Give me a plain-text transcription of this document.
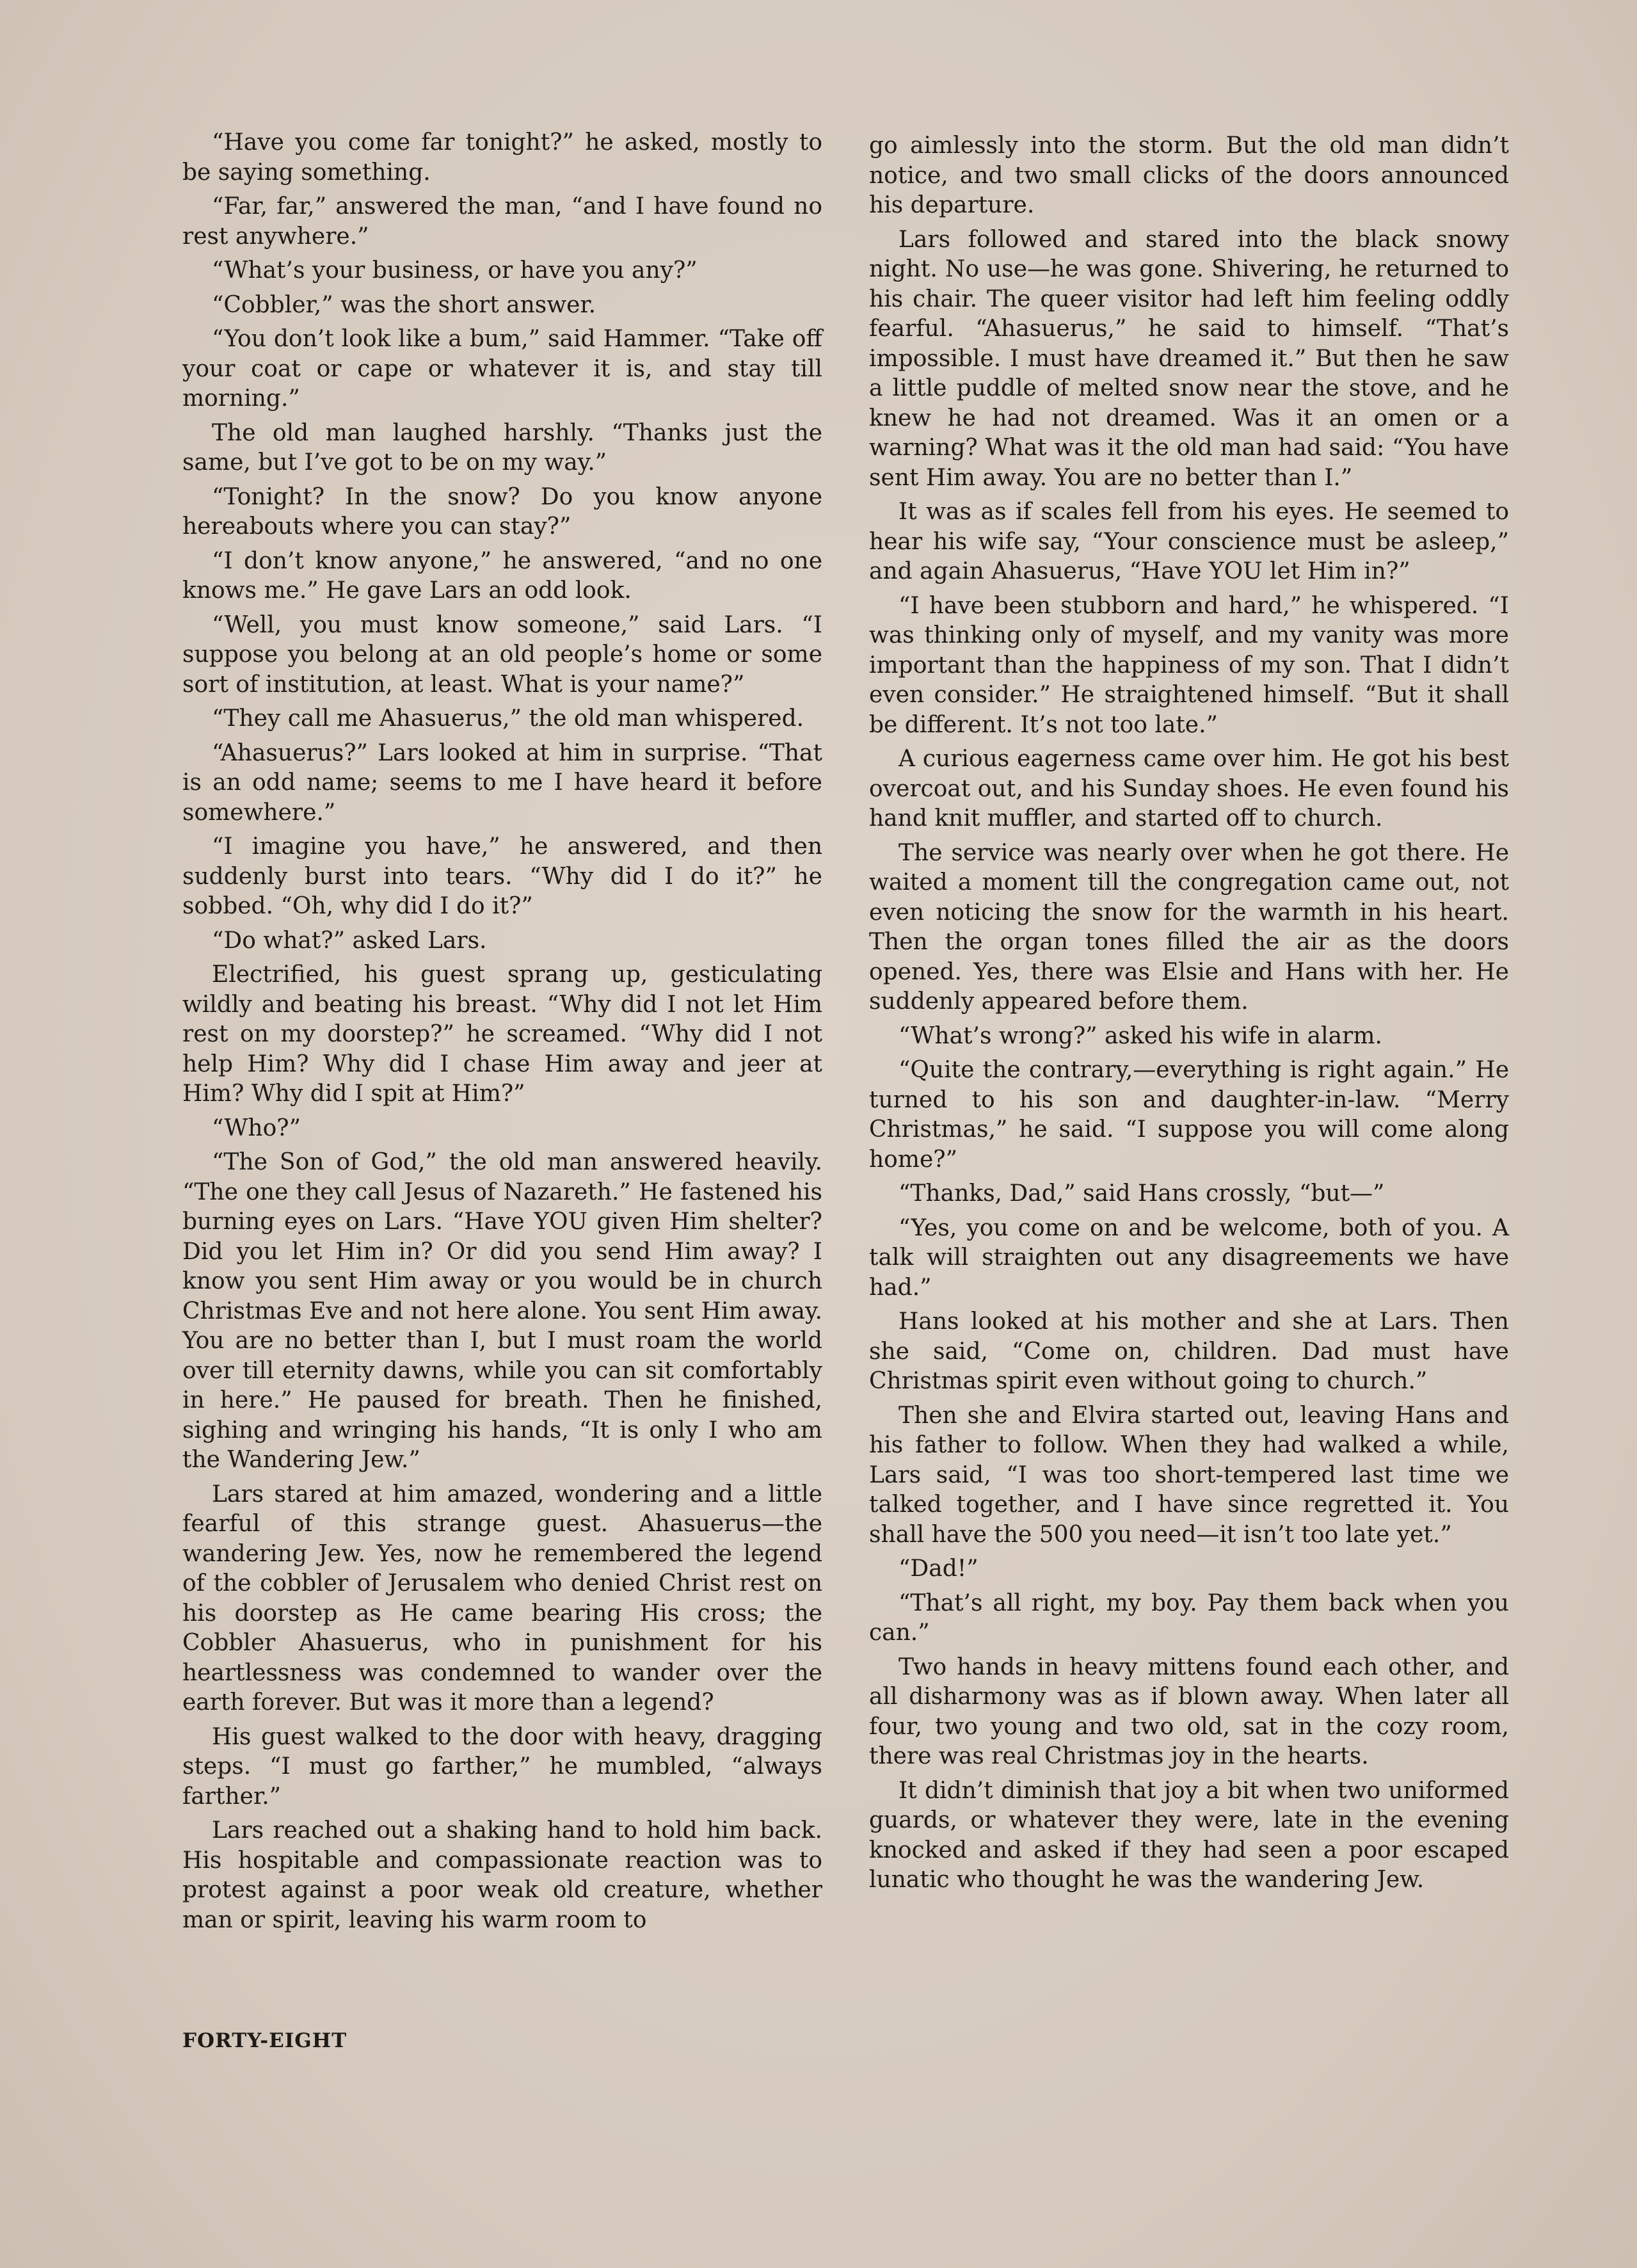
“Have you come far tonight?” he asked, mostly to be saying something.

“Far, far,” answered the man, “and I have found no rest anywhere.”

“What’s your business, or have you any?”

“Cobbler,” was the short answer.

“You don’t look like a bum,” said Hammer. “Take off your coat or cape or whatever it is, and stay till morning.”

The old man laughed harshly. “Thanks just the same, but I’ve got to be on my way.”

“Tonight? In the snow? Do you know anyone hereabouts where you can stay?”

“I don’t know anyone,” he answered, “and no one knows me.” He gave Lars an odd look.

“Well, you must know someone,” said Lars. “I suppose you belong at an old people’s home or some sort of institution, at least. What is your name?”

“They call me Ahasuerus,” the old man whispered.

“Ahasuerus?” Lars looked at him in surprise. “That is an odd name; seems to me I have heard it before somewhere.”

“I imagine you have,” he answered, and then suddenly burst into tears. “Why did I do it?” he sobbed. “Oh, why did I do it?”

“Do what?” asked Lars.

Electrified, his guest sprang up, gesticulating wildly and beating his breast. “Why did I not let Him rest on my doorstep?” he screamed. “Why did I not help Him? Why did I chase Him away and jeer at Him? Why did I spit at Him?”

“Who?”

“The Son of God,” the old man answered heavily. “The one they call Jesus of Nazareth.” He fastened his burning eyes on Lars. “Have YOU given Him shelter? Did you let Him in? Or did you send Him away? I know you sent Him away or you would be in church Christmas Eve and not here alone. You sent Him away. You are no better than I, but I must roam the world over till eternity dawns, while you can sit comfortably in here.” He paused for breath. Then he finished, sighing and wringing his hands, “It is only I who am the Wandering Jew.”

Lars stared at him amazed, wondering and a little fearful of this strange guest. Ahasuerus—the wandering Jew. Yes, now he remembered the legend of the cobbler of Jerusalem who denied Christ rest on his doorstep as He came bearing His cross; the Cobbler Ahasuerus, who in punishment for his heartlessness was condemned to wander over the earth forever. But was it more than a legend?

His guest walked to the door with heavy, dragging steps. “I must go farther,” he mumbled, “always farther.”

Lars reached out a shaking hand to hold him back. His hospitable and compassionate reaction was to protest against a poor weak old creature, whether man or spirit, leaving his warm room to

go aimlessly into the storm. But the old man didn’t notice, and two small clicks of the doors announced his departure.

Lars followed and stared into the black snowy night. No use—he was gone. Shivering, he returned to his chair. The queer visitor had left him feeling oddly fearful. “Ahasuerus,” he said to himself. “That’s impossible. I must have dreamed it.” But then he saw a little puddle of melted snow near the stove, and he knew he had not dreamed. Was it an omen or a warning? What was it the old man had said: “You have sent Him away. You are no better than I.”

It was as if scales fell from his eyes. He seemed to hear his wife say, “Your conscience must be asleep,” and again Ahasuerus, “Have YOU let Him in?”

“I have been stubborn and hard,” he whispered. “I was thinking only of myself, and my vanity was more important than the happiness of my son. That I didn’t even consider.” He straightened himself. “But it shall be different. It’s not too late.”

A curious eagerness came over him. He got his best overcoat out, and his Sunday shoes. He even found his hand knit muffler, and started off to church.

The service was nearly over when he got there. He waited a moment till the congregation came out, not even noticing the snow for the warmth in his heart. Then the organ tones filled the air as the doors opened. Yes, there was Elsie and Hans with her. He suddenly appeared before them.

“What’s wrong?” asked his wife in alarm.

“Quite the contrary,—everything is right again.” He turned to his son and daughter-in-law. “Merry Christmas,” he said. “I suppose you will come along home?”

“Thanks, Dad,” said Hans crossly, “but—”

“Yes, you come on and be welcome, both of you. A talk will straighten out any disagreements we have had.”

Hans looked at his mother and she at Lars. Then she said, “Come on, children. Dad must have Christmas spirit even without going to church.”

Then she and Elvira started out, leaving Hans and his father to follow. When they had walked a while, Lars said, “I was too short-tempered last time we talked together, and I have since regretted it. You shall have the 500 you need—it isn’t too late yet.”

“Dad!”

“That’s all right, my boy. Pay them back when you can.”

Two hands in heavy mittens found each other, and all disharmony was as if blown away. When later all four, two young and two old, sat in the cozy room, there was real Christmas joy in the hearts.

It didn’t diminish that joy a bit when two uniformed guards, or whatever they were, late in the evening knocked and asked if they had seen a poor escaped lunatic who thought he was the wandering Jew.

FORTY-EIGHT
